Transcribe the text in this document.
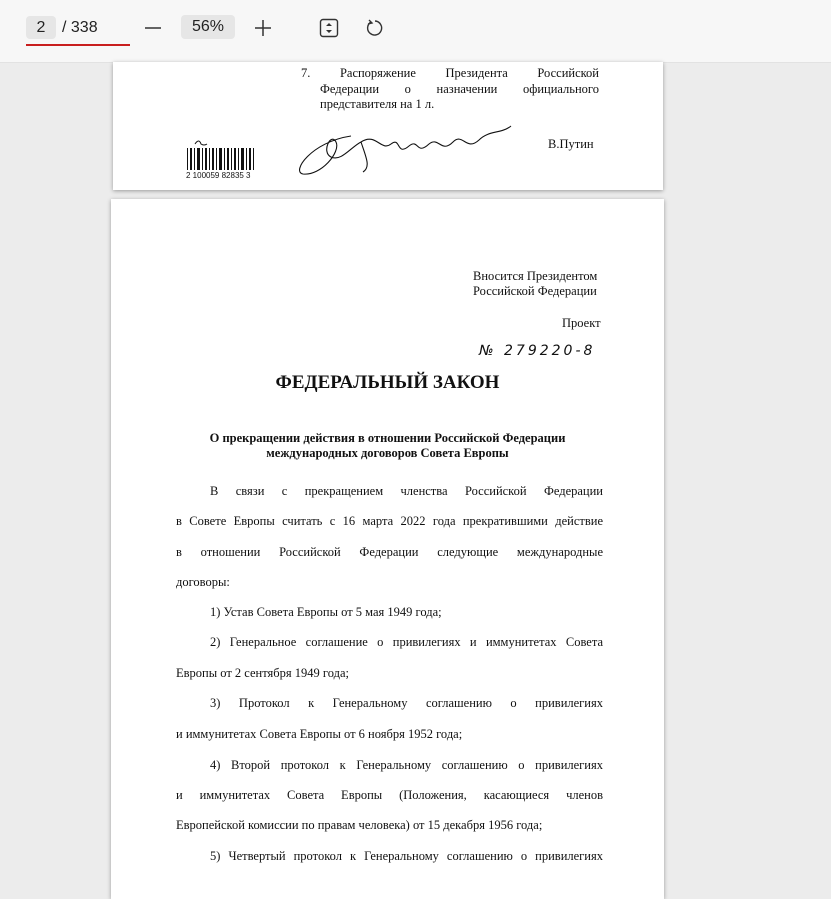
2	/ 338	56%
7. Распоряжение Президента Российской
Федерации о назначении официального
представителя на 1 л.
2 100059 82835 3
В.Путин
Вносится Президентом
Российской Федерации
Проект
№ 279220-8
ФЕДЕРАЛЬНЫЙ ЗАКОН
О прекращении действия в отношении Российской Федерации
международных договоров Совета Европы
В связи с прекращением членства Российской Федерации
в Совете Европы считать с 16 марта 2022 года прекратившими действие
в отношении Российской Федерации следующие международные
договоры:
1) Устав Совета Европы от 5 мая 1949 года;
2) Генеральное соглашение о привилегиях и иммунитетах Совета
Европы от 2 сентября 1949 года;
3) Протокол к Генеральному соглашению о привилегиях
и иммунитетах Совета Европы от 6 ноября 1952 года;
4) Второй протокол к Генеральному соглашению о привилегиях
и иммунитетах Совета Европы (Положения, касающиеся членов
Европейской комиссии по правам человека) от 15 декабря 1956 года;
5) Четвертый протокол к Генеральному соглашению о привилегиях
